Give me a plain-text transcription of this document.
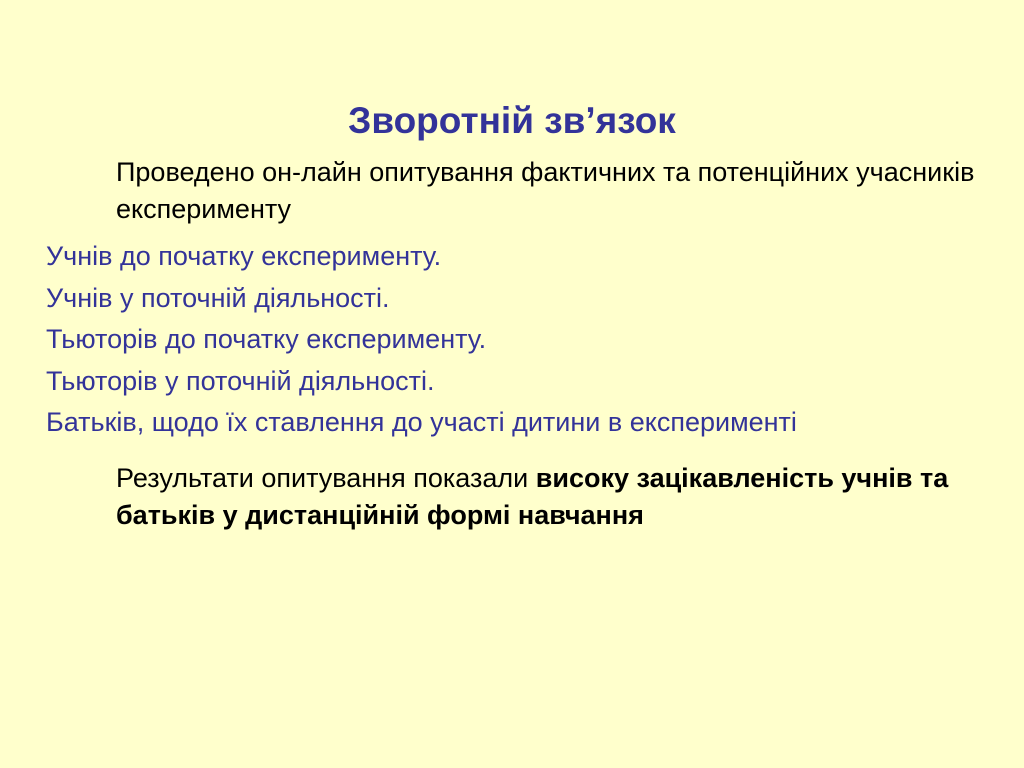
Зворотній зв’язок

Проведено он-лайн опитування фактичних та потенційних учасників експерименту

Учнів до початку експерименту.
Учнів у поточній діяльності.
Тьюторів до початку експерименту.
Тьюторів у поточній діяльності.
Батьків, щодо їх ставлення до участі дитини в експерименті

Результати опитування показали високу зацікавленість учнів та батьків у дистанційній формі навчання
